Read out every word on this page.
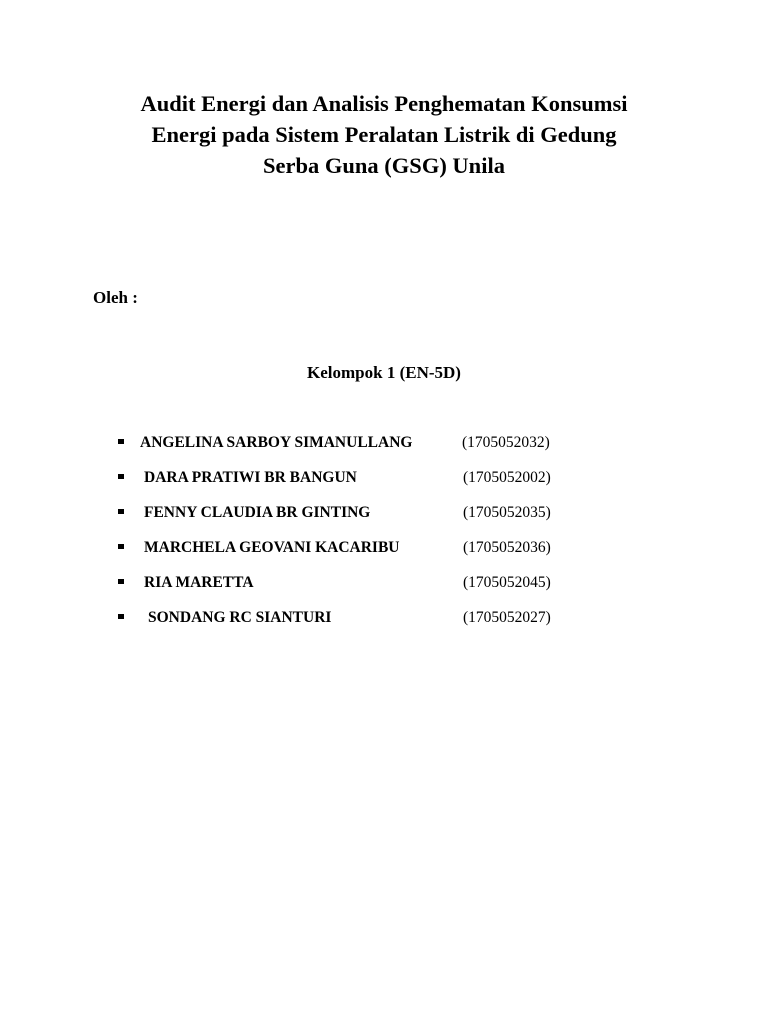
Audit Energi dan Analisis Penghematan Konsumsi
Energi pada Sistem Peralatan Listrik di Gedung
Serba Guna (GSG) Unila
Oleh :
Kelompok 1 (EN-5D)
ANGELINA SARBOY SIMANULLANG	(1705052032)
DARA PRATIWI BR BANGUN	(1705052002)
FENNY CLAUDIA BR GINTING	(1705052035)
MARCHELA GEOVANI KACARIBU	(1705052036)
RIA MARETTA	(1705052045)
SONDANG RC SIANTURI	(1705052027)
